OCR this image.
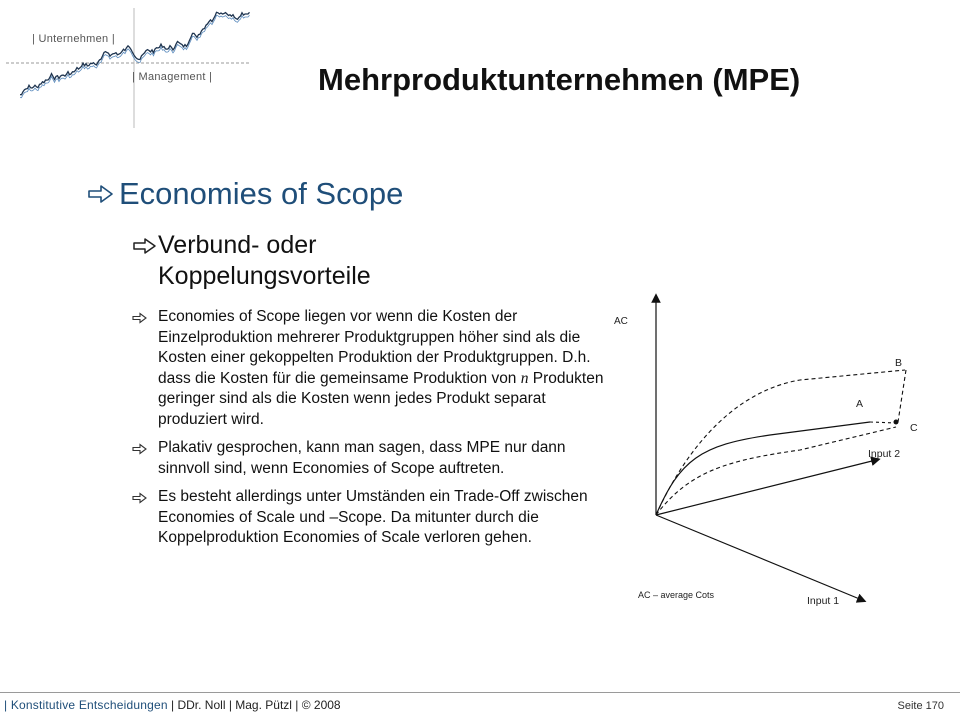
| Unternehmen |
| Management |	Mehrproduktunternehmen (MPE)
Economies of Scope
Verbund- oder Koppelungsvorteile
Economies of Scope liegen vor wenn die Kosten der Einzelproduktion mehrerer Produktgruppen höher sind als die Kosten einer gekoppelten Produktion der Produktgruppen. D.h. dass die Kosten für die gemeinsame Produktion von n Produkten geringer sind als die Kosten wenn jedes Produkt separat produziert wird.
Plakativ gesprochen, kann man sagen, dass MPE nur dann sinnvoll sind, wenn Economies of Scope auftreten.
Es besteht allerdings unter Umständen ein Trade-Off zwischen Economies of Scale und –Scope. Da mitunter durch die Koppelproduktion Economies of Scale verloren gehen.
AC
B
A
C
Input 2
Input 1
AC – average Cots
| Konstitutive Entscheidungen | DDr. Noll | Mag. Pützl | © 2008	Seite 170
